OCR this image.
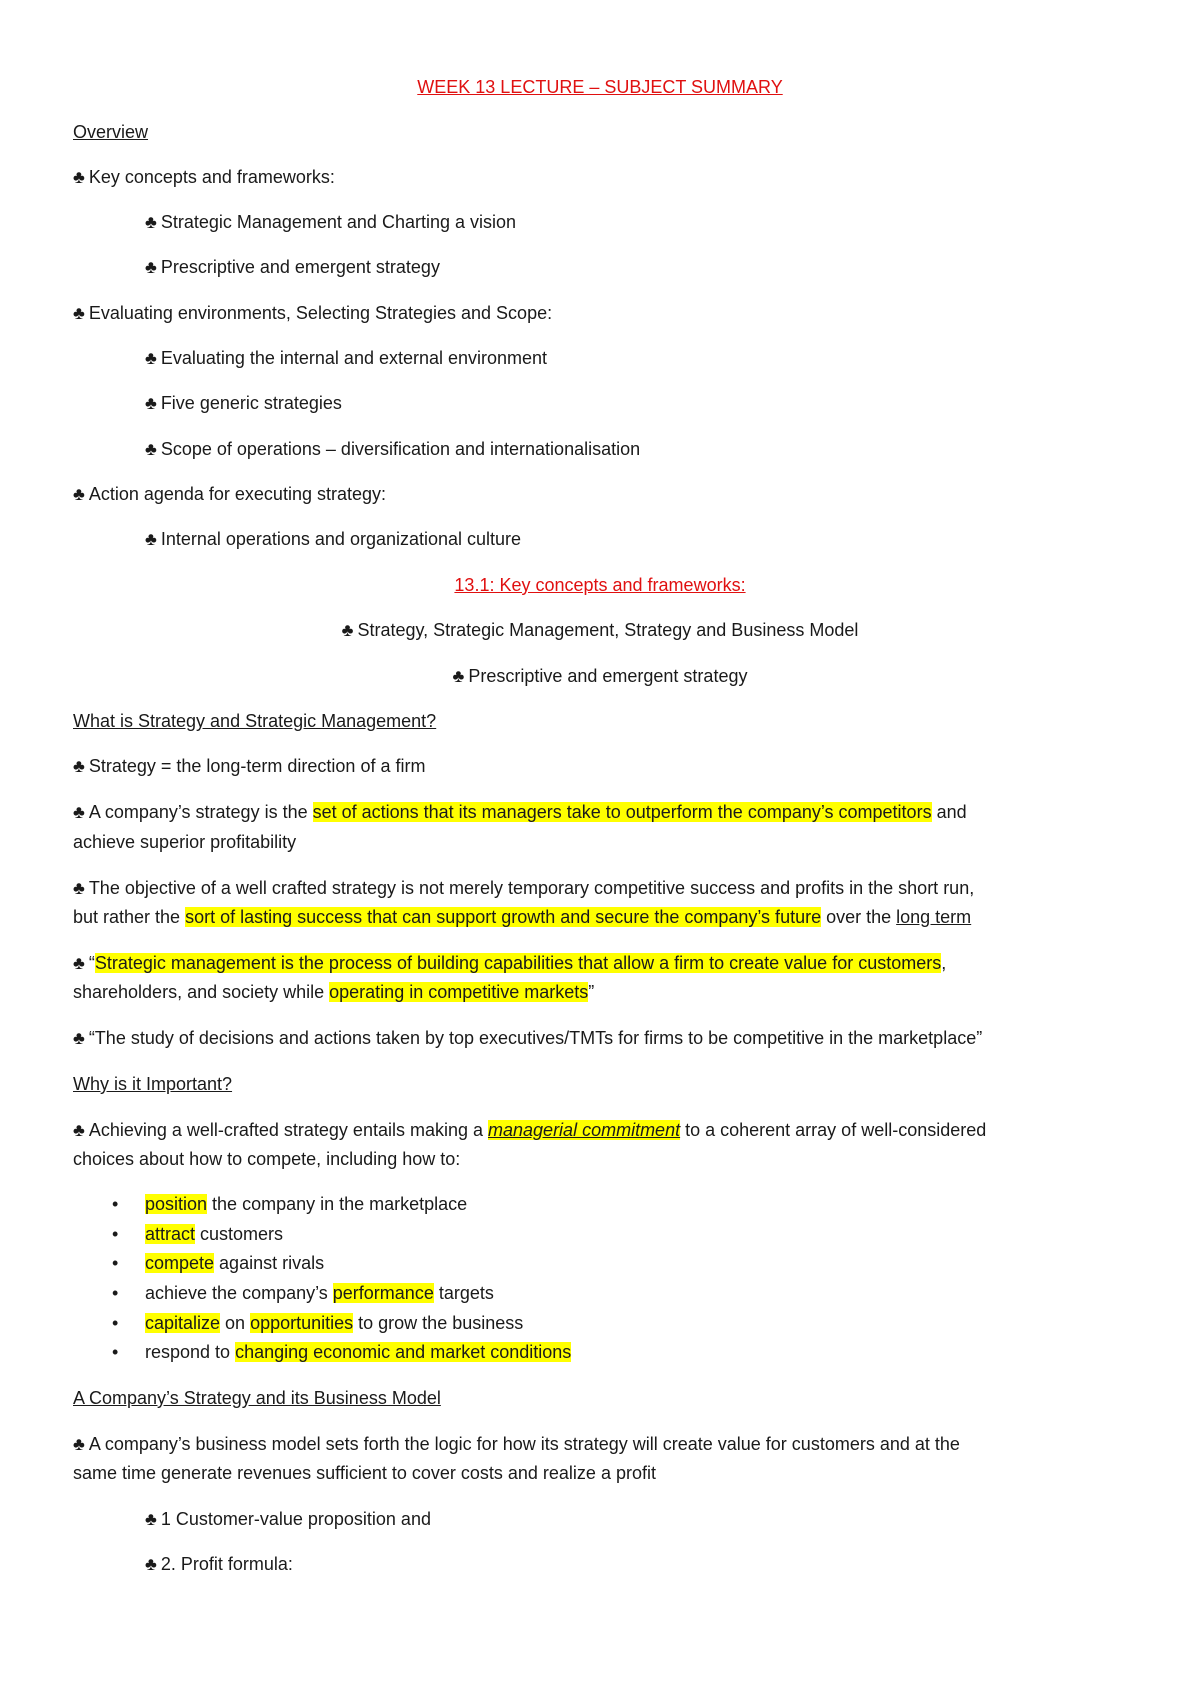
WEEK 13 LECTURE – SUBJECT SUMMARY
Overview
♣ Key concepts and frameworks:
♣ Strategic Management and Charting a vision
♣ Prescriptive and emergent strategy
♣ Evaluating environments, Selecting Strategies and Scope:
♣ Evaluating the internal and external environment
♣ Five generic strategies
♣ Scope of operations – diversification and internationalisation
♣ Action agenda for executing strategy:
♣ Internal operations and organizational culture
13.1: Key concepts and frameworks:
♣ Strategy, Strategic Management, Strategy and Business Model
♣ Prescriptive and emergent strategy
What is Strategy and Strategic Management?
♣ Strategy = the long-term direction of a firm
♣ A company’s strategy is the set of actions that its managers take to outperform the company’s competitors and
achieve superior profitability
♣ The objective of a well crafted strategy is not merely temporary competitive success and profits in the short run,
but rather the sort of lasting success that can support growth and secure the company’s future over the long term
♣ “Strategic management is the process of building capabilities that allow a firm to create value for customers,
shareholders, and society while operating in competitive markets”
♣ “The study of decisions and actions taken by top executives/TMTs for firms to be competitive in the marketplace”
Why is it Important?
♣ Achieving a well-crafted strategy entails making a managerial commitment to a coherent array of well-considered
choices about how to compete, including how to:
• position the company in the marketplace
• attract customers
• compete against rivals
• achieve the company’s performance targets
• capitalize on opportunities to grow the business
• respond to changing economic and market conditions
A Company’s Strategy and its Business Model
♣ A company’s business model sets forth the logic for how its strategy will create value for customers and at the
same time generate revenues sufficient to cover costs and realize a profit
♣ 1 Customer-value proposition and
♣ 2. Profit formula:
